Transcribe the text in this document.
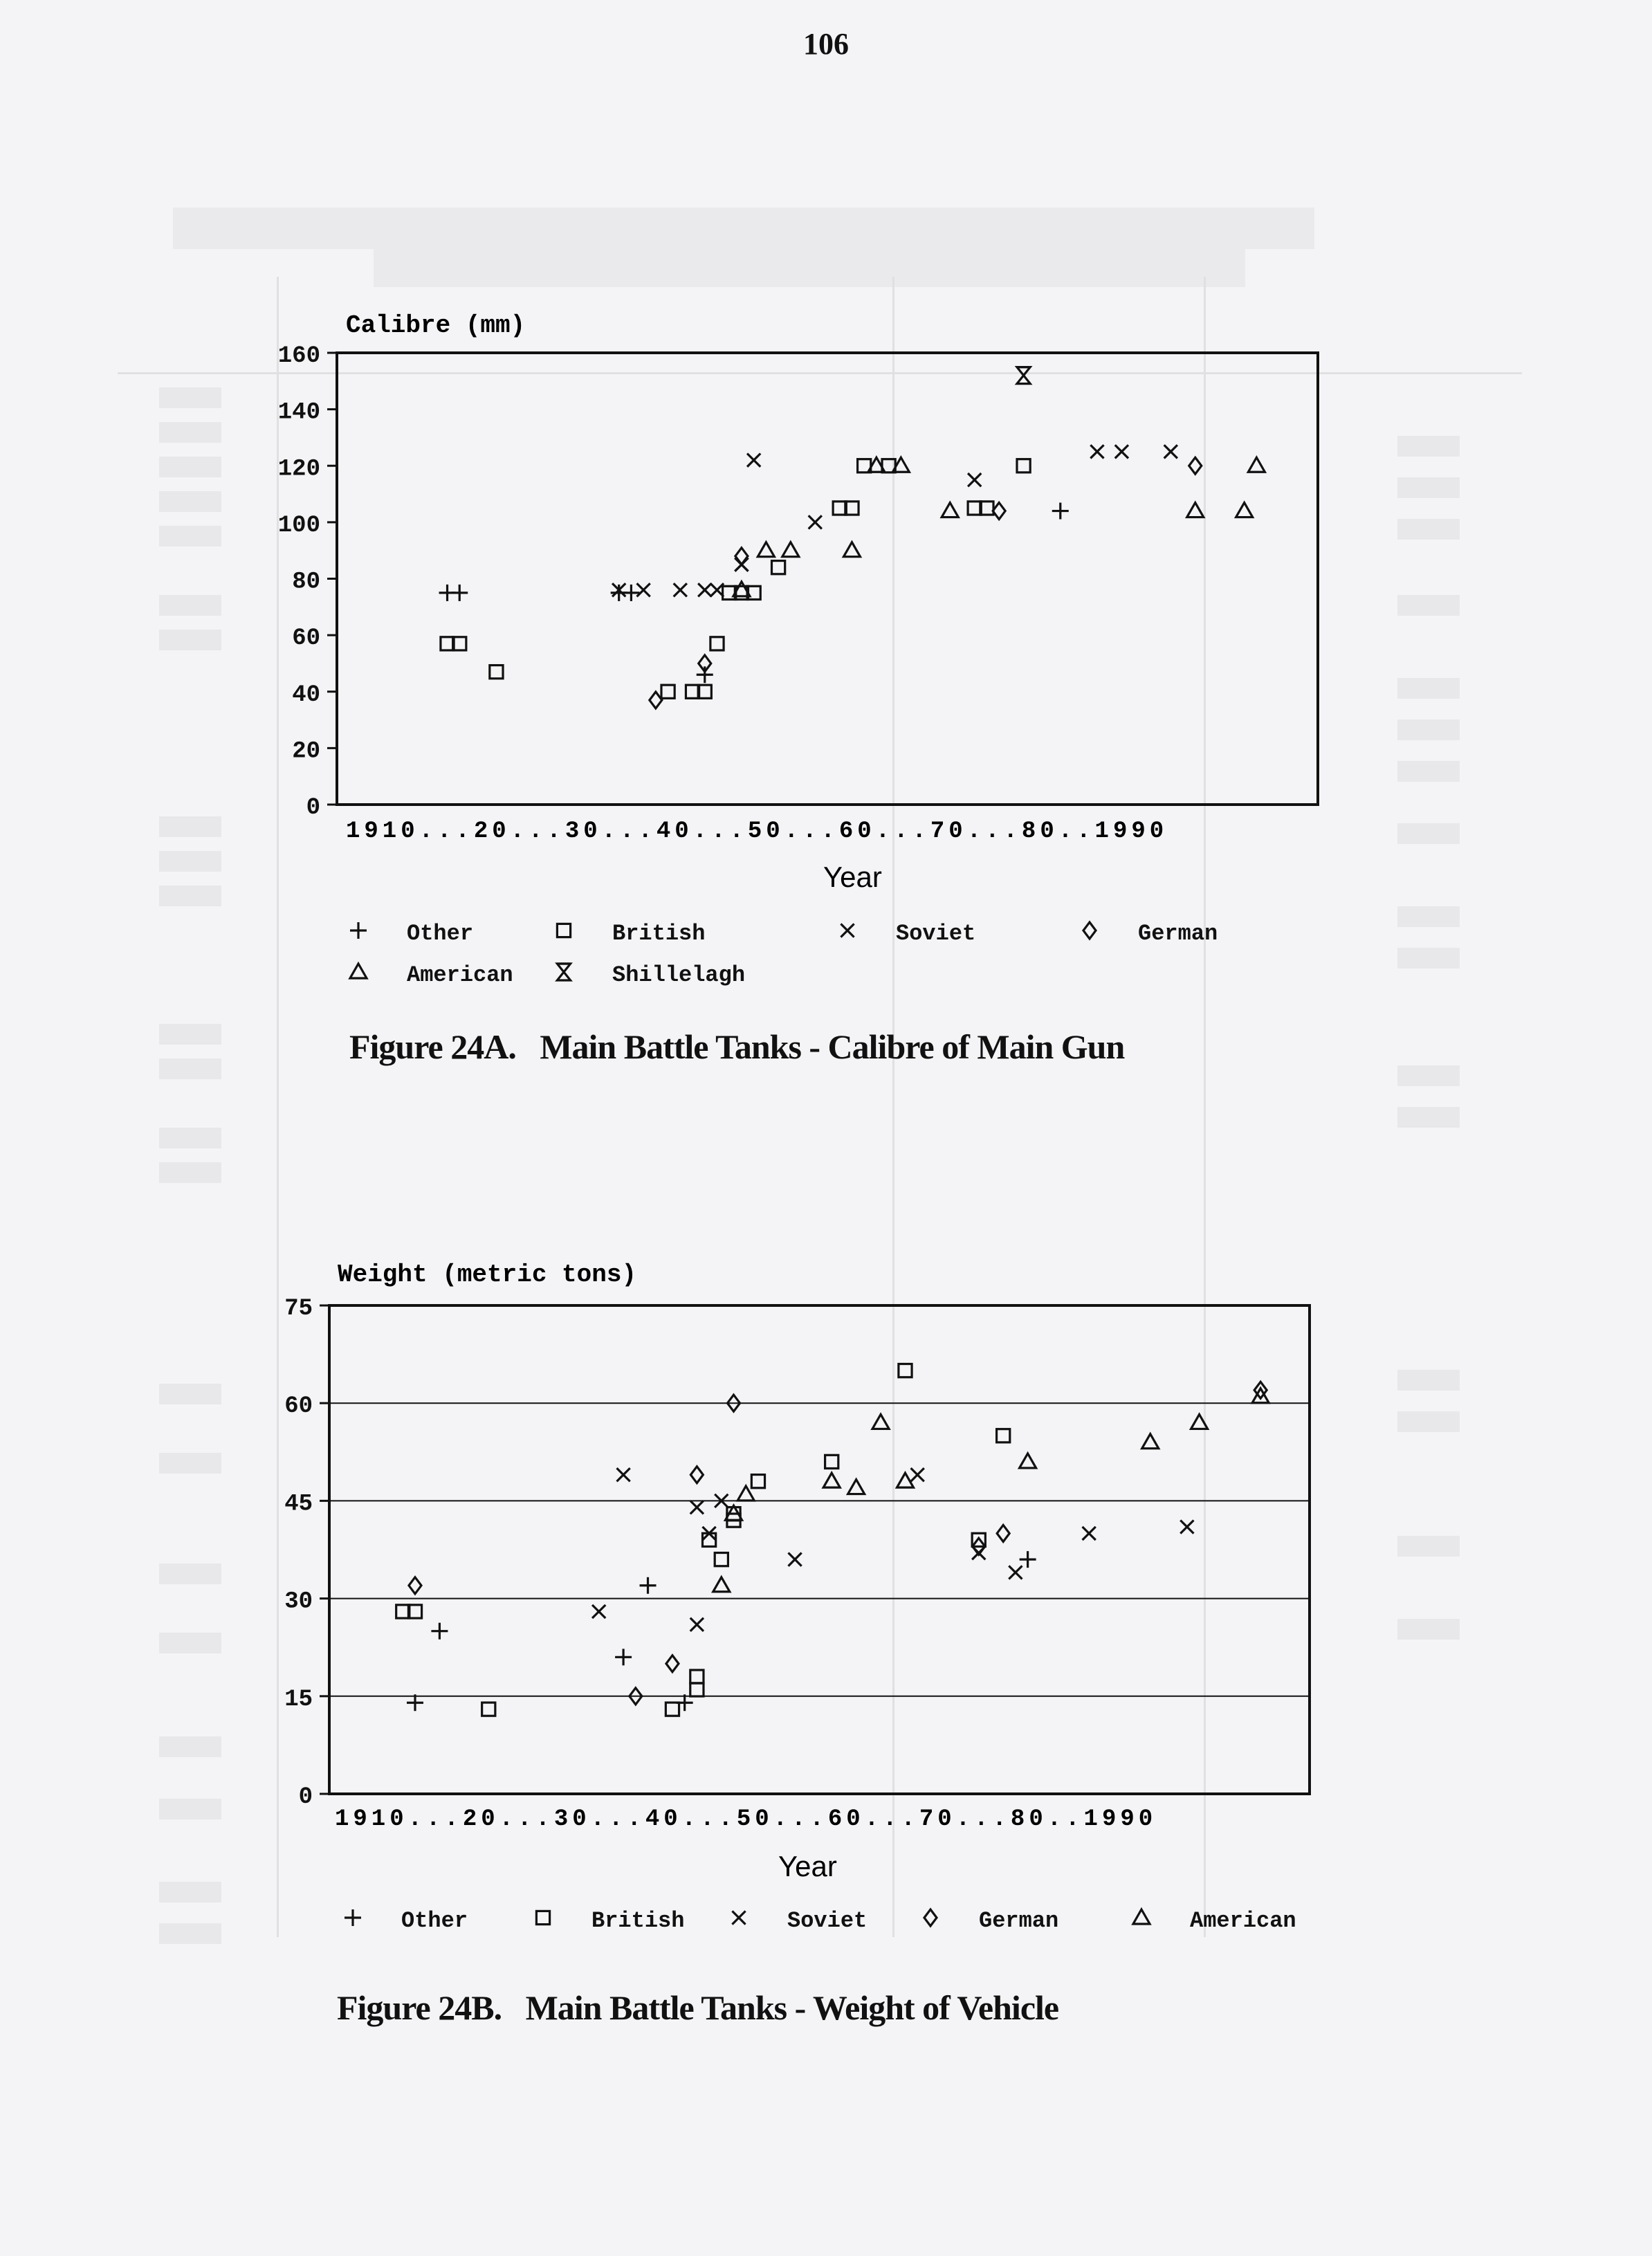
106
Calibre (mm)
0
20
40
60
80
100
120
140
160
1910...20...30...40...50...60...70...80..1990
Year
Other	British	Soviet	German
American	Shillelagh
Figure 24A. Main Battle Tanks - Calibre of Main Gun
Weight (metric tons)
0
15
30
45
60
75
1910...20...30...40...50...60...70...80..1990
Year
Other	British	Soviet	German	American
Figure 24B. Main Battle Tanks - Weight of Vehicle
